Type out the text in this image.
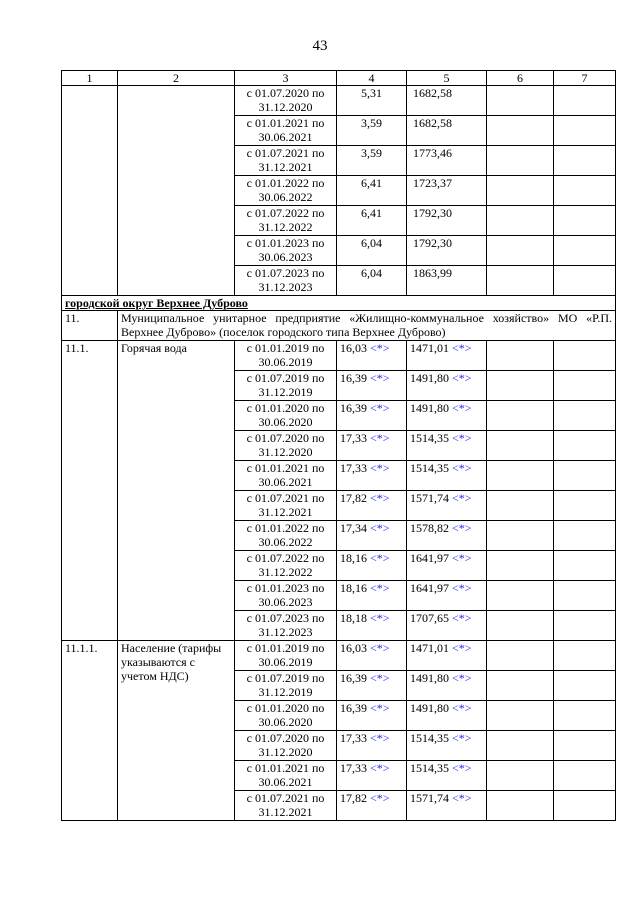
43
1	2	3	4	5	6	7
		с 01.07.2020 по 31.12.2020	5,31	1682,58		
		с 01.01.2021 по 30.06.2021	3,59	1682,58		
		с 01.07.2021 по 31.12.2021	3,59	1773,46		
		с 01.01.2022 по 30.06.2022	6,41	1723,37		
		с 01.07.2022 по 31.12.2022	6,41	1792,30		
		с 01.01.2023 по 30.06.2023	6,04	1792,30		
		с 01.07.2023 по 31.12.2023	6,04	1863,99		
городской округ Верхнее Дуброво						
11.	Муниципальное унитарное предприятие «Жилищно-коммунальное хозяйство» МО «Р.П. Верхнее Дуброво» (поселок городского типа Верхнее Дуброво)					
11.1.	Горячая вода	с 01.01.2019 по 30.06.2019	16,03 <*>	1471,01 <*>		
		с 01.07.2019 по 31.12.2019	16,39 <*>	1491,80 <*>		
		с 01.01.2020 по 30.06.2020	16,39 <*>	1491,80 <*>		
		с 01.07.2020 по 31.12.2020	17,33 <*>	1514,35 <*>		
		с 01.01.2021 по 30.06.2021	17,33 <*>	1514,35 <*>		
		с 01.07.2021 по 31.12.2021	17,82 <*>	1571,74 <*>		
		с 01.01.2022 по 30.06.2022	17,34 <*>	1578,82 <*>		
		с 01.07.2022 по 31.12.2022	18,16 <*>	1641,97 <*>		
		с 01.01.2023 по 30.06.2023	18,16 <*>	1641,97 <*>		
		с 01.07.2023 по 31.12.2023	18,18 <*>	1707,65 <*>		
11.1.1.	Население (тарифы указываются с учетом НДС)	с 01.01.2019 по 30.06.2019	16,03 <*>	1471,01 <*>		
		с 01.07.2019 по 31.12.2019	16,39 <*>	1491,80 <*>		
		с 01.01.2020 по 30.06.2020	16,39 <*>	1491,80 <*>		
		с 01.07.2020 по 31.12.2020	17,33 <*>	1514,35 <*>		
		с 01.01.2021 по 30.06.2021	17,33 <*>	1514,35 <*>		
		с 01.07.2021 по 31.12.2021	17,82 <*>	1571,74 <*>		
